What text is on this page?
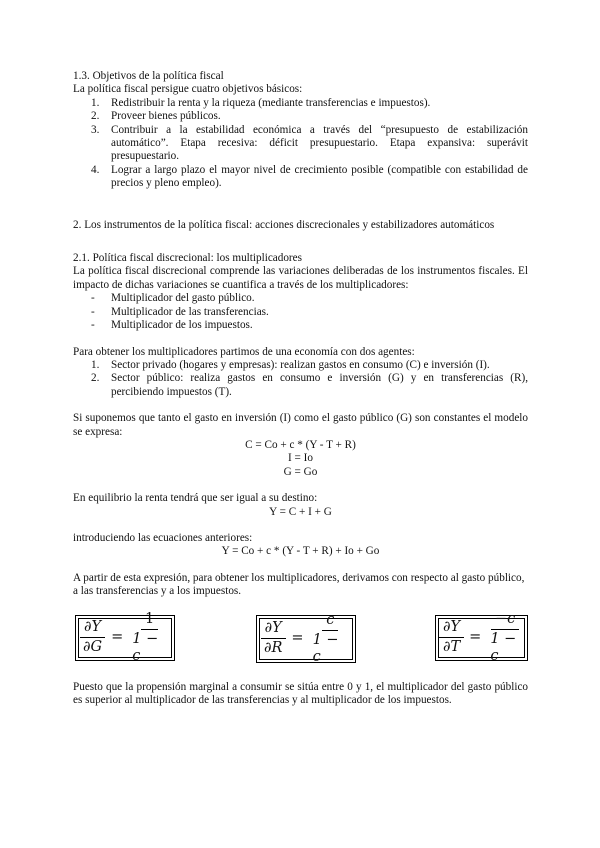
1.3. Objetivos de la política fiscal

La política fiscal persigue cuatro objetivos básicos:

1. Redistribuir la renta y la riqueza (mediante transferencias e impuestos).
2. Proveer bienes públicos.
3. Contribuir a la estabilidad económica a través del “presupuesto de estabilización automático”. Etapa recesiva: déficit presupuestario. Etapa expansiva: superávit presupuestario.
4. Lograr a largo plazo el mayor nivel de crecimiento posible (compatible con estabilidad de precios y pleno empleo).

2. Los instrumentos de la política fiscal: acciones discrecionales y estabilizadores automáticos

2.1. Política fiscal discrecional: los multiplicadores

La política fiscal discrecional comprende las variaciones deliberadas de los instrumentos fiscales. El impacto de dichas variaciones se cuantifica a través de los multiplicadores:

- Multiplicador del gasto público.
- Multiplicador de las transferencias.
- Multiplicador de los impuestos.

Para obtener los multiplicadores partimos de una economía con dos agentes:

1. Sector privado (hogares y empresas): realizan gastos en consumo (C) e inversión (I).
2. Sector público: realiza gastos en consumo e inversión (G) y en transferencias (R), percibiendo impuestos (T).

Si suponemos que tanto el gasto en inversión (I) como el gasto público (G) son constantes el modelo se expresa:

C = Co + c * (Y - T + R)
I = Io
G = Go

En equilibrio la renta tendrá que ser igual a su destino:

Y = C + I + G

introduciendo las ecuaciones anteriores:

Y = Co + c * (Y - T + R) + Io + Go

A partir de esta expresión, para obtener los multiplicadores, derivamos con respecto al gasto público, a las transferencias y a los impuestos.

$\frac{\partial Y}{\partial G} = \frac{1}{1 - c}$	$\frac{\partial Y}{\partial R} = \frac{c}{1 - c}$	$\frac{\partial Y}{\partial T} = \frac{-c}{1 - c}$

Puesto que la propensión marginal a consumir se sitúa entre 0 y 1, el multiplicador del gasto público es superior al multiplicador de las transferencias y al multiplicador de los impuestos.
